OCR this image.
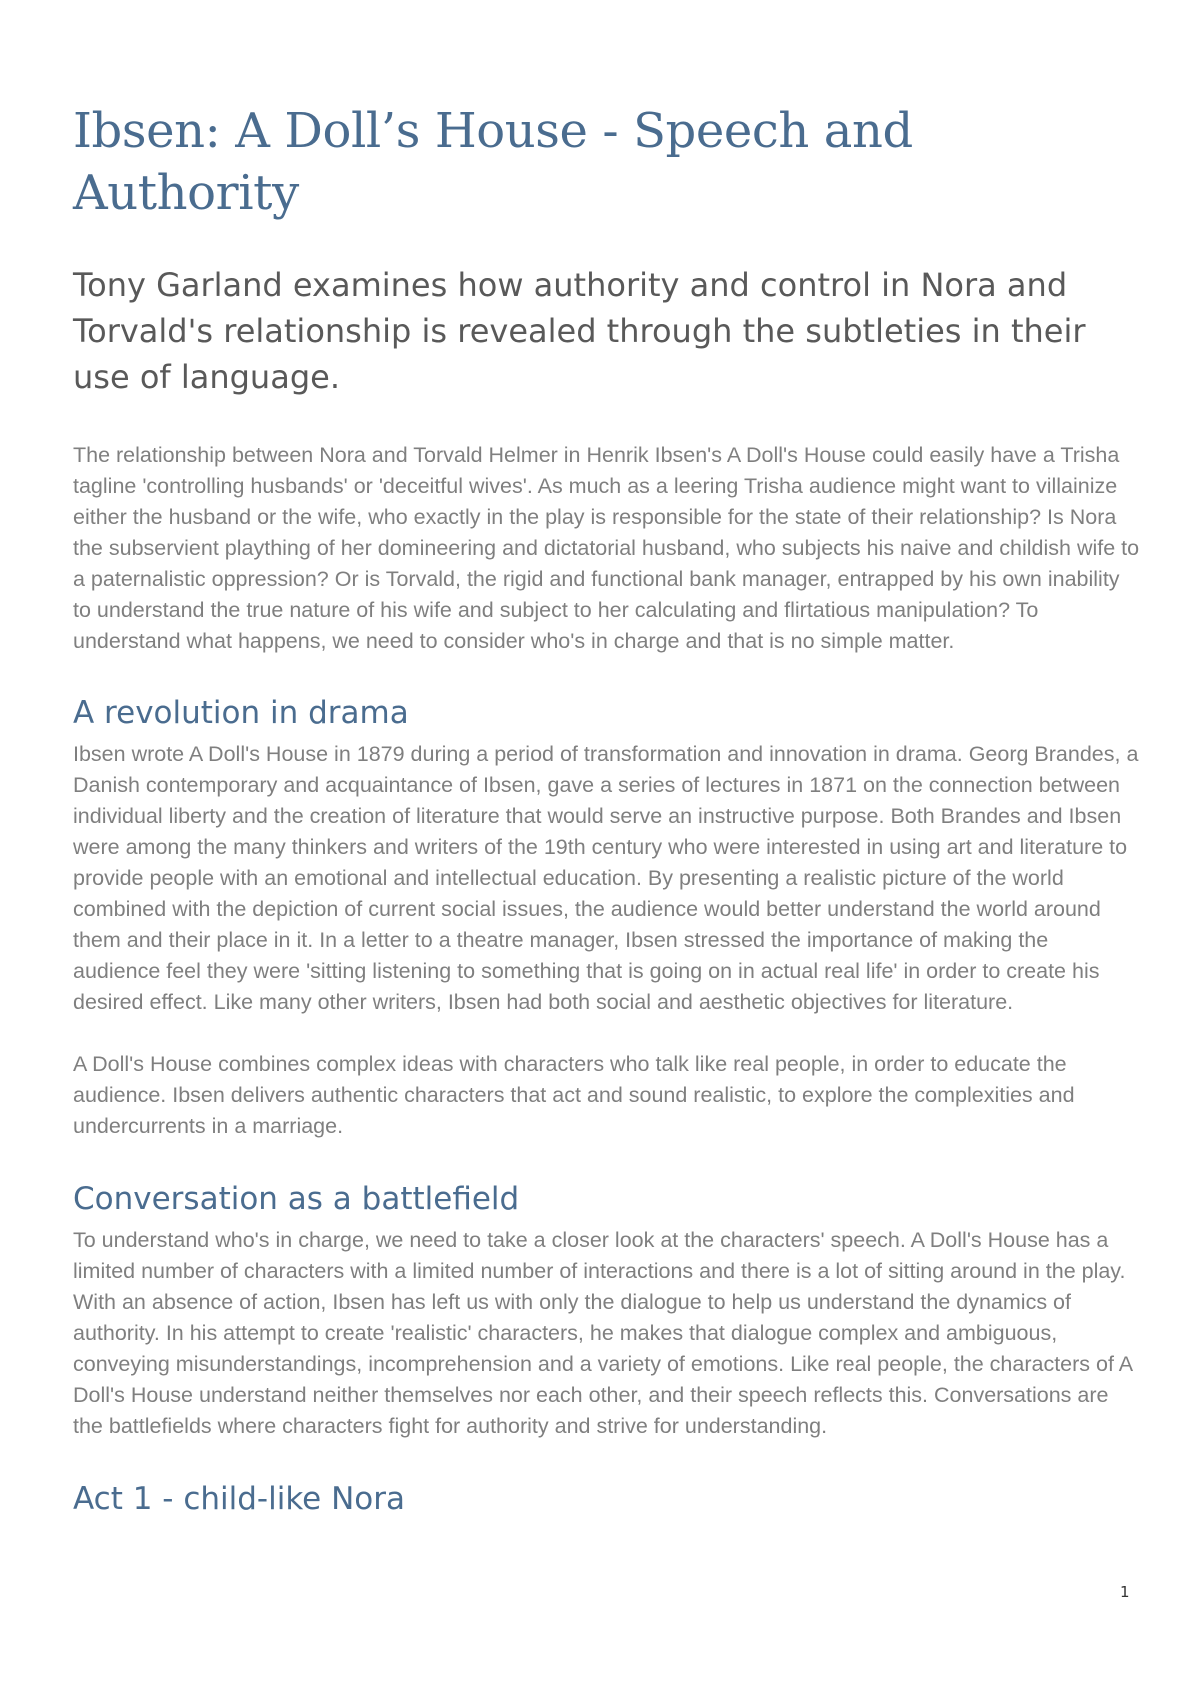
Ibsen: A Doll’s House - Speech and Authority

Tony Garland examines how authority and control in Nora and Torvald's relationship is revealed through the subtleties in their use of language.

The relationship between Nora and Torvald Helmer in Henrik Ibsen's A Doll's House could easily have a Trisha tagline 'controlling husbands' or 'deceitful wives'. As much as a leering Trisha audience might want to villainize either the husband or the wife, who exactly in the play is responsible for the state of their relationship? Is Nora the subservient plaything of her domineering and dictatorial husband, who subjects his naive and childish wife to a paternalistic oppression? Or is Torvald, the rigid and functional bank manager, entrapped by his own inability to understand the true nature of his wife and subject to her calculating and flirtatious manipulation? To understand what happens, we need to consider who's in charge and that is no simple matter.

A revolution in drama

Ibsen wrote A Doll's House in 1879 during a period of transformation and innovation in drama. Georg Brandes, a Danish contemporary and acquaintance of Ibsen, gave a series of lectures in 1871 on the connection between individual liberty and the creation of literature that would serve an instructive purpose. Both Brandes and Ibsen were among the many thinkers and writers of the 19th century who were interested in using art and literature to provide people with an emotional and intellectual education. By presenting a realistic picture of the world combined with the depiction of current social issues, the audience would better understand the world around them and their place in it. In a letter to a theatre manager, Ibsen stressed the importance of making the audience feel they were 'sitting listening to something that is going on in actual real life' in order to create his desired effect. Like many other writers, Ibsen had both social and aesthetic objectives for literature.

A Doll's House combines complex ideas with characters who talk like real people, in order to educate the audience. Ibsen delivers authentic characters that act and sound realistic, to explore the complexities and undercurrents in a marriage.

Conversation as a battlefield

To understand who's in charge, we need to take a closer look at the characters' speech. A Doll's House has a limited number of characters with a limited number of interactions and there is a lot of sitting around in the play. With an absence of action, Ibsen has left us with only the dialogue to help us understand the dynamics of authority. In his attempt to create 'realistic' characters, he makes that dialogue complex and ambiguous, conveying misunderstandings, incomprehension and a variety of emotions. Like real people, the characters of A Doll's House understand neither themselves nor each other, and their speech reflects this. Conversations are the battlefields where characters fight for authority and strive for understanding.

Act 1 - child-like Nora
1
